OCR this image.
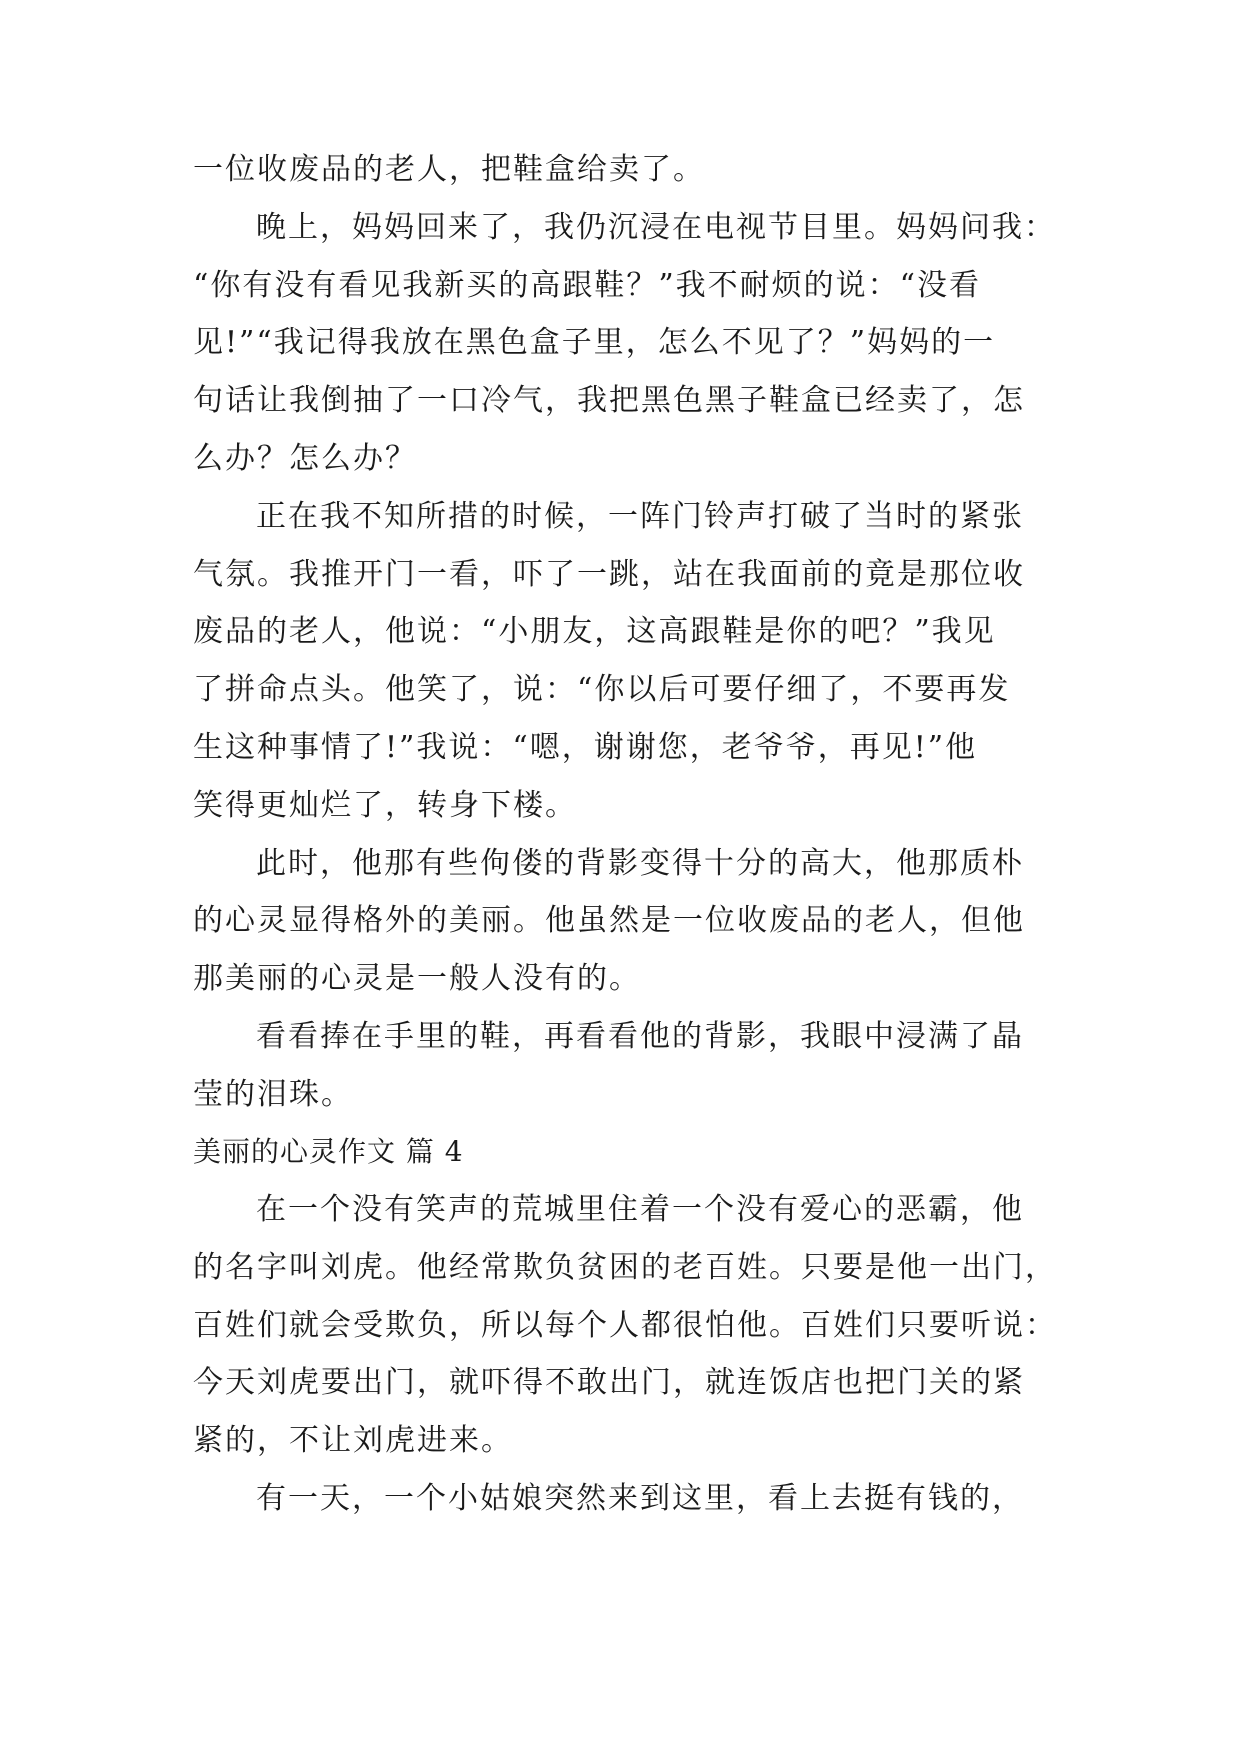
一位收废品的老人，把鞋盒给卖了。
晚上，妈妈回来了，我仍沉浸在电视节目里。妈妈问我：
“你有没有看见我新买的高跟鞋？”我不耐烦的说：“没看
见!”“我记得我放在黑色盒子里，怎么不见了？”妈妈的一
句话让我倒抽了一口冷气，我把黑色黑子鞋盒已经卖了，怎
么办？怎么办？
正在我不知所措的时候，一阵门铃声打破了当时的紧张
气氛。我推开门一看，吓了一跳，站在我面前的竟是那位收
废品的老人，他说：“小朋友，这高跟鞋是你的吧？”我见
了拼命点头。他笑了，说：“你以后可要仔细了，不要再发
生这种事情了!”我说：“嗯，谢谢您，老爷爷，再见!”他
笑得更灿烂了，转身下楼。
此时，他那有些佝偻的背影变得十分的高大，他那质朴
的心灵显得格外的美丽。他虽然是一位收废品的老人，但他
那美丽的心灵是一般人没有的。
看看捧在手里的鞋，再看看他的背影，我眼中浸满了晶
莹的泪珠。
美丽的心灵作文 篇 4
在一个没有笑声的荒城里住着一个没有爱心的恶霸，他
的名字叫刘虎。他经常欺负贫困的老百姓。只要是他一出门，
百姓们就会受欺负，所以每个人都很怕他。百姓们只要听说：
今天刘虎要出门，就吓得不敢出门，就连饭店也把门关的紧
紧的，不让刘虎进来。
有一天，一个小姑娘突然来到这里，看上去挺有钱的，
